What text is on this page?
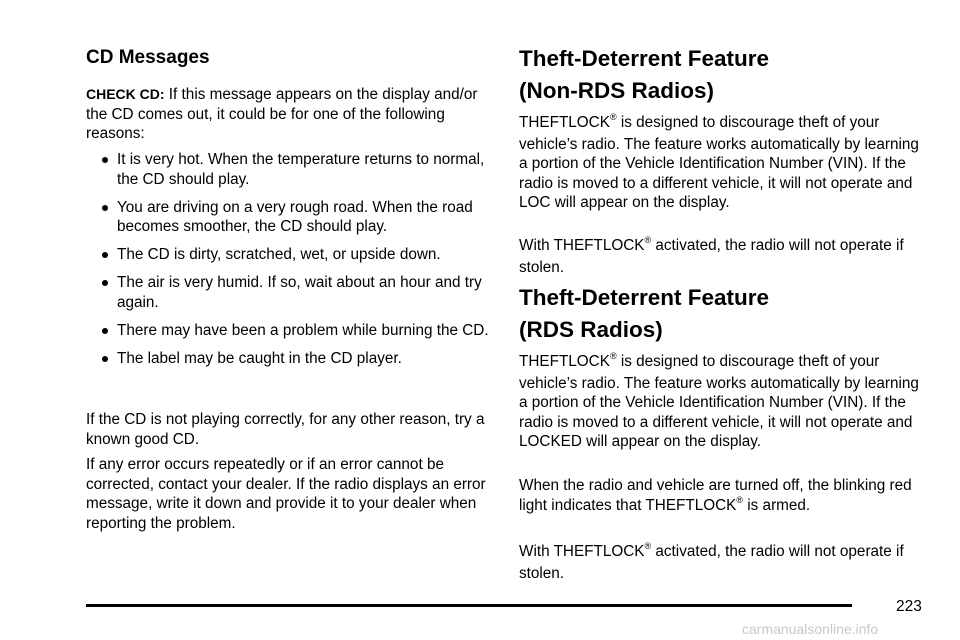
CD Messages

CHECK CD: If this message appears on the display and/or the CD comes out, it could be for one of the following reasons:

It is very hot. When the temperature returns to normal, the CD should play.
You are driving on a very rough road. When the road becomes smoother, the CD should play.
The CD is dirty, scratched, wet, or upside down.
The air is very humid. If so, wait about an hour and try again.
There may have been a problem while burning the CD.
The label may be caught in the CD player.

If the CD is not playing correctly, for any other reason, try a known good CD.

If any error occurs repeatedly or if an error cannot be corrected, contact your dealer. If the radio displays an error message, write it down and provide it to your dealer when reporting the problem.

Theft-Deterrent Feature
(Non-RDS Radios)

THEFTLOCK® is designed to discourage theft of your vehicle’s radio. The feature works automatically by learning a portion of the Vehicle Identification Number (VIN). If the radio is moved to a different vehicle, it will not operate and LOC will appear on the display.

With THEFTLOCK® activated, the radio will not operate if stolen.

Theft-Deterrent Feature
(RDS Radios)

THEFTLOCK® is designed to discourage theft of your vehicle’s radio. The feature works automatically by learning a portion of the Vehicle Identification Number (VIN). If the radio is moved to a different vehicle, it will not operate and LOCKED will appear on the display.

When the radio and vehicle are turned off, the blinking red light indicates that THEFTLOCK® is armed.

With THEFTLOCK® activated, the radio will not operate if stolen.

223
carmanualsonline.info
